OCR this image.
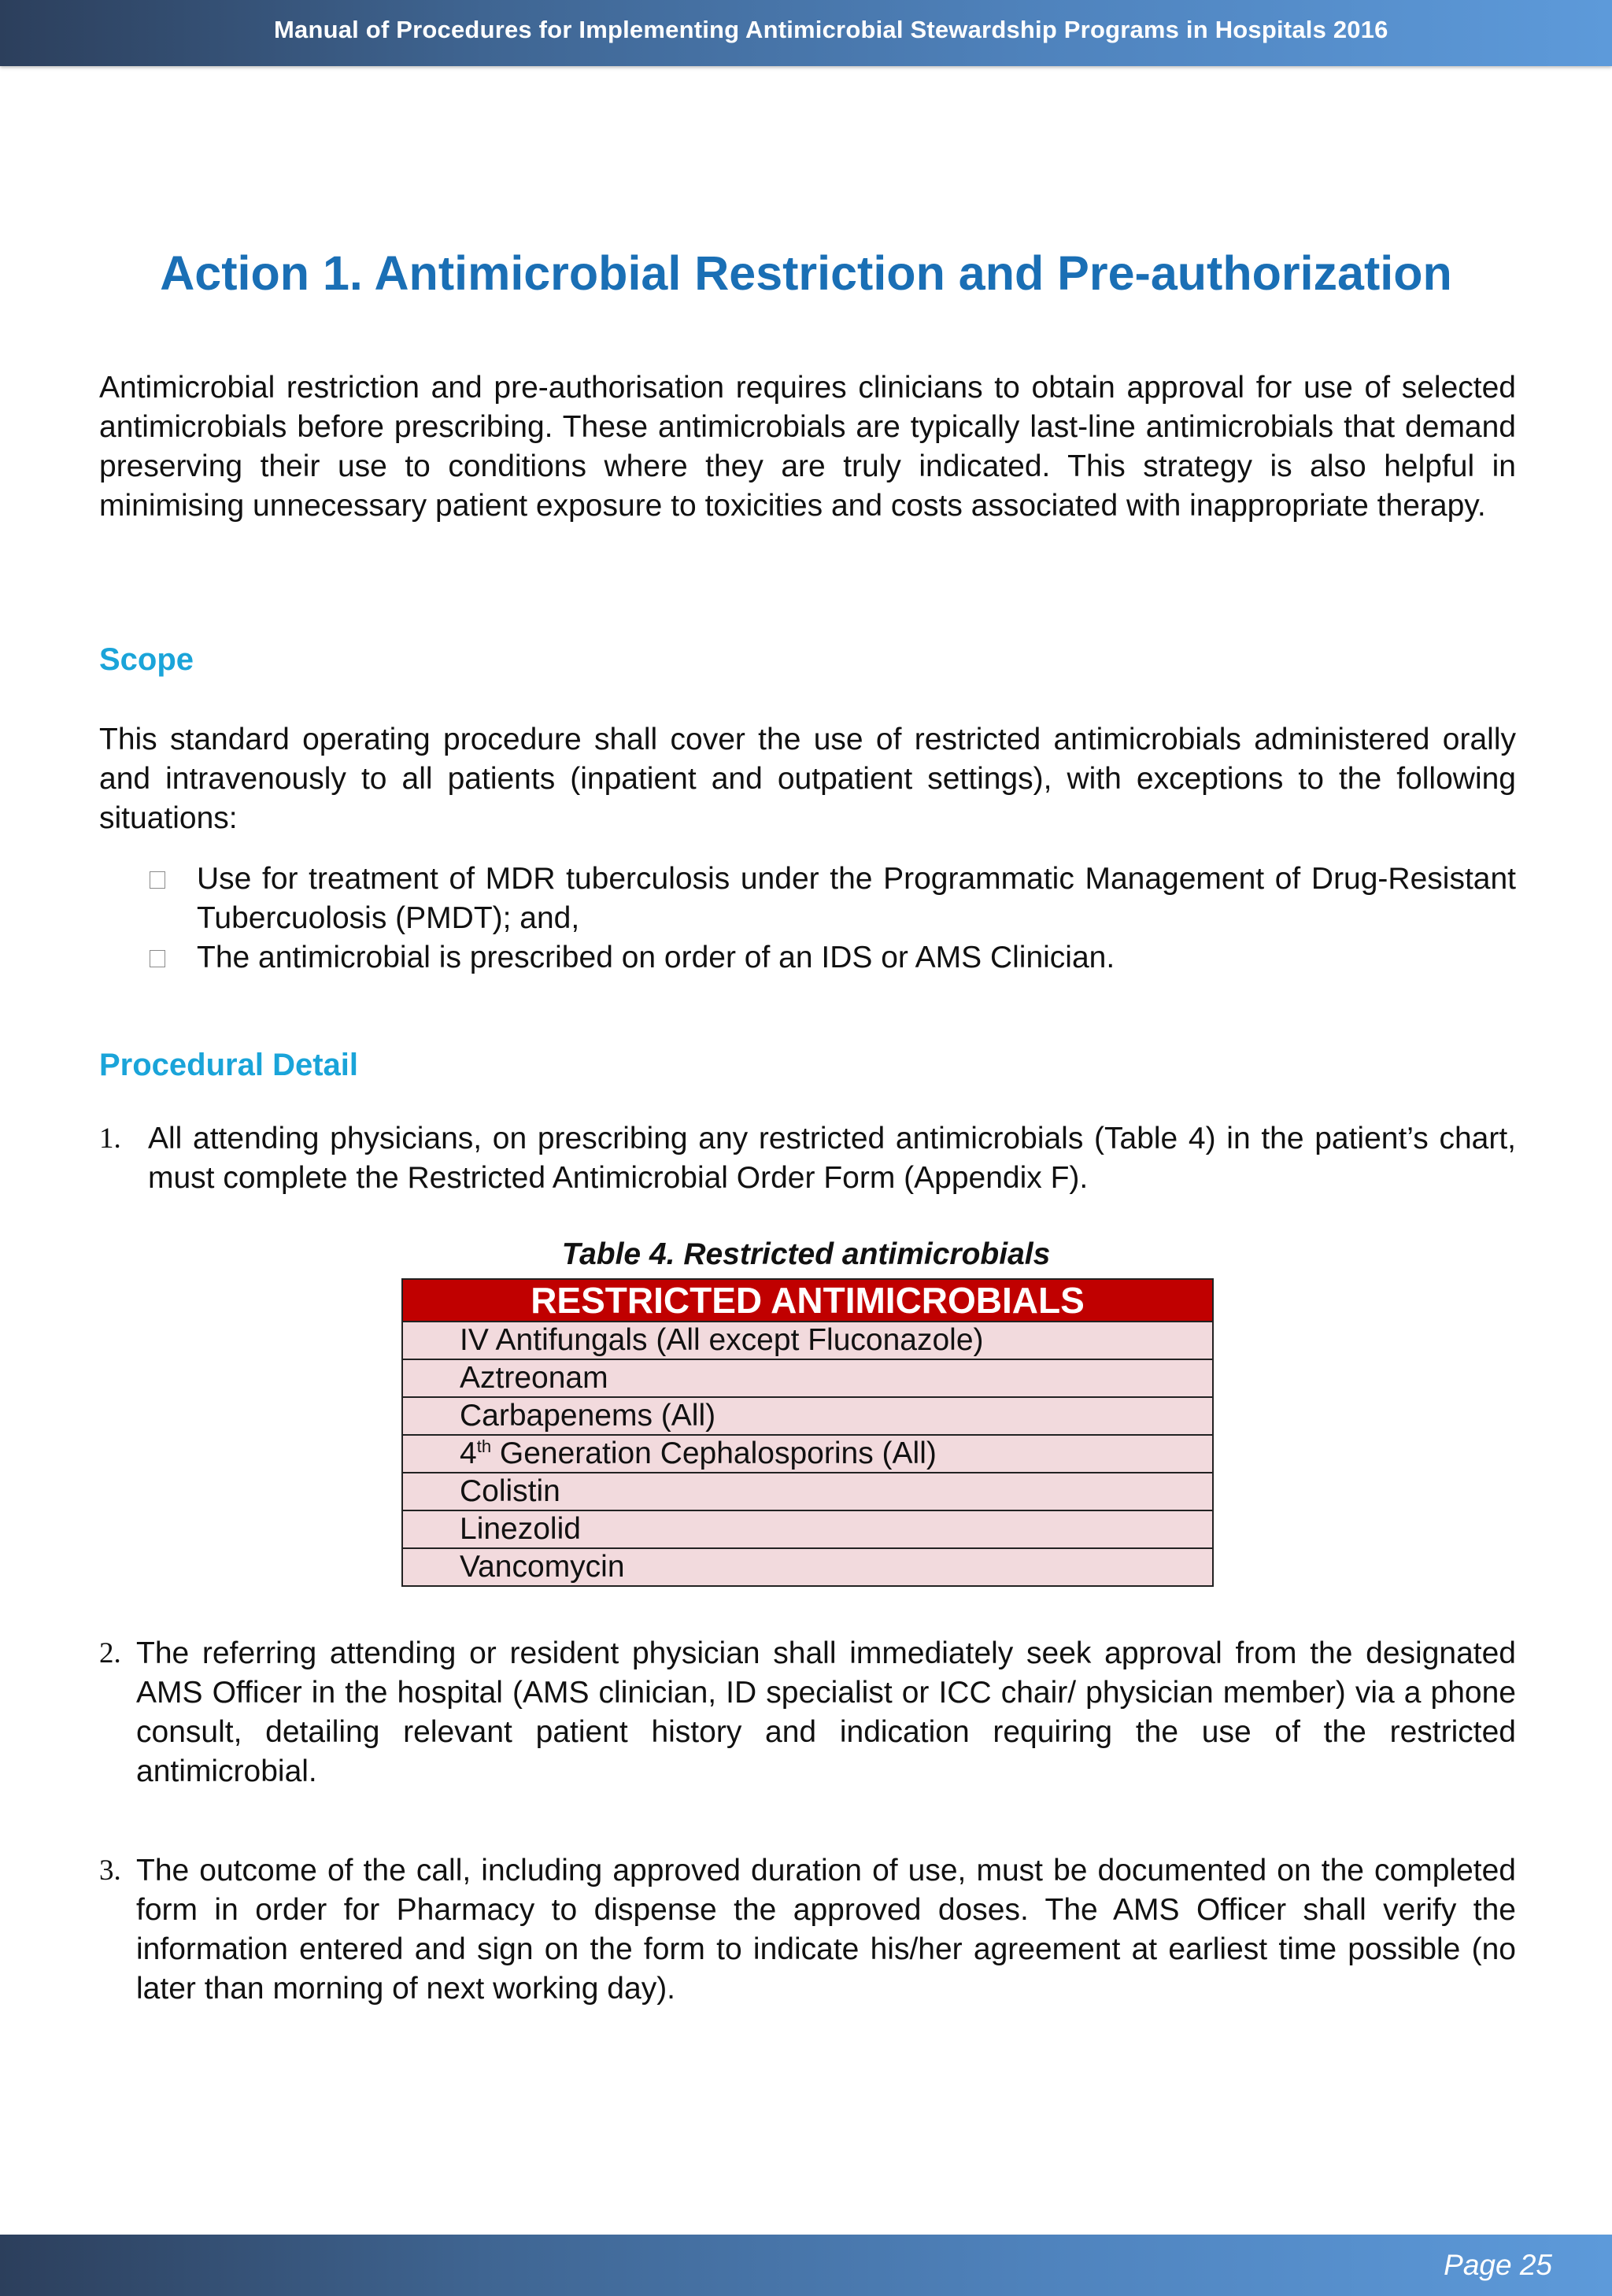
Manual of Procedures for Implementing Antimicrobial Stewardship Programs in Hospitals 2016
Action 1. Antimicrobial Restriction and Pre-authorization

Antimicrobial restriction and pre-authorisation requires clinicians to obtain approval for use of selected antimicrobials before prescribing. These antimicrobials are typically last-line antimicrobials that demand preserving their use to conditions where they are truly indicated. This strategy is also helpful in minimising unnecessary patient exposure to toxicities and costs associated with inappropriate therapy.

Scope

This standard operating procedure shall cover the use of restricted antimicrobials administered orally and intravenously to all patients (inpatient and outpatient settings), with exceptions to the following situations:

Use for treatment of MDR tuberculosis under the Programmatic Management of Drug-Resistant Tubercuolosis (PMDT); and,
The antimicrobial is prescribed on order of an IDS or AMS Clinician.
Procedural Detail
1. All attending physicians, on prescribing any restricted antimicrobials (Table 4) in the patient’s chart, must complete the Restricted Antimicrobial Order Form (Appendix F).
Table 4. Restricted antimicrobials
RESTRICTED ANTIMICROBIALS
IV Antifungals (All except Fluconazole)
Aztreonam
Carbapenems (All)
4th Generation Cephalosporins (All)
Colistin
Linezolid
Vancomycin
2. The referring attending or resident physician shall immediately seek approval from the designated AMS Officer in the hospital (AMS clinician, ID specialist or ICC chair/ physician member) via a phone consult, detailing relevant patient history and indication requiring the use of the restricted antimicrobial.
3. The outcome of the call, including approved duration of use, must be documented on the completed form in order for Pharmacy to dispense the approved doses. The AMS Officer shall verify the information entered and sign on the form to indicate his/her agreement at earliest time possible (no later than morning of next working day).
Page 25
